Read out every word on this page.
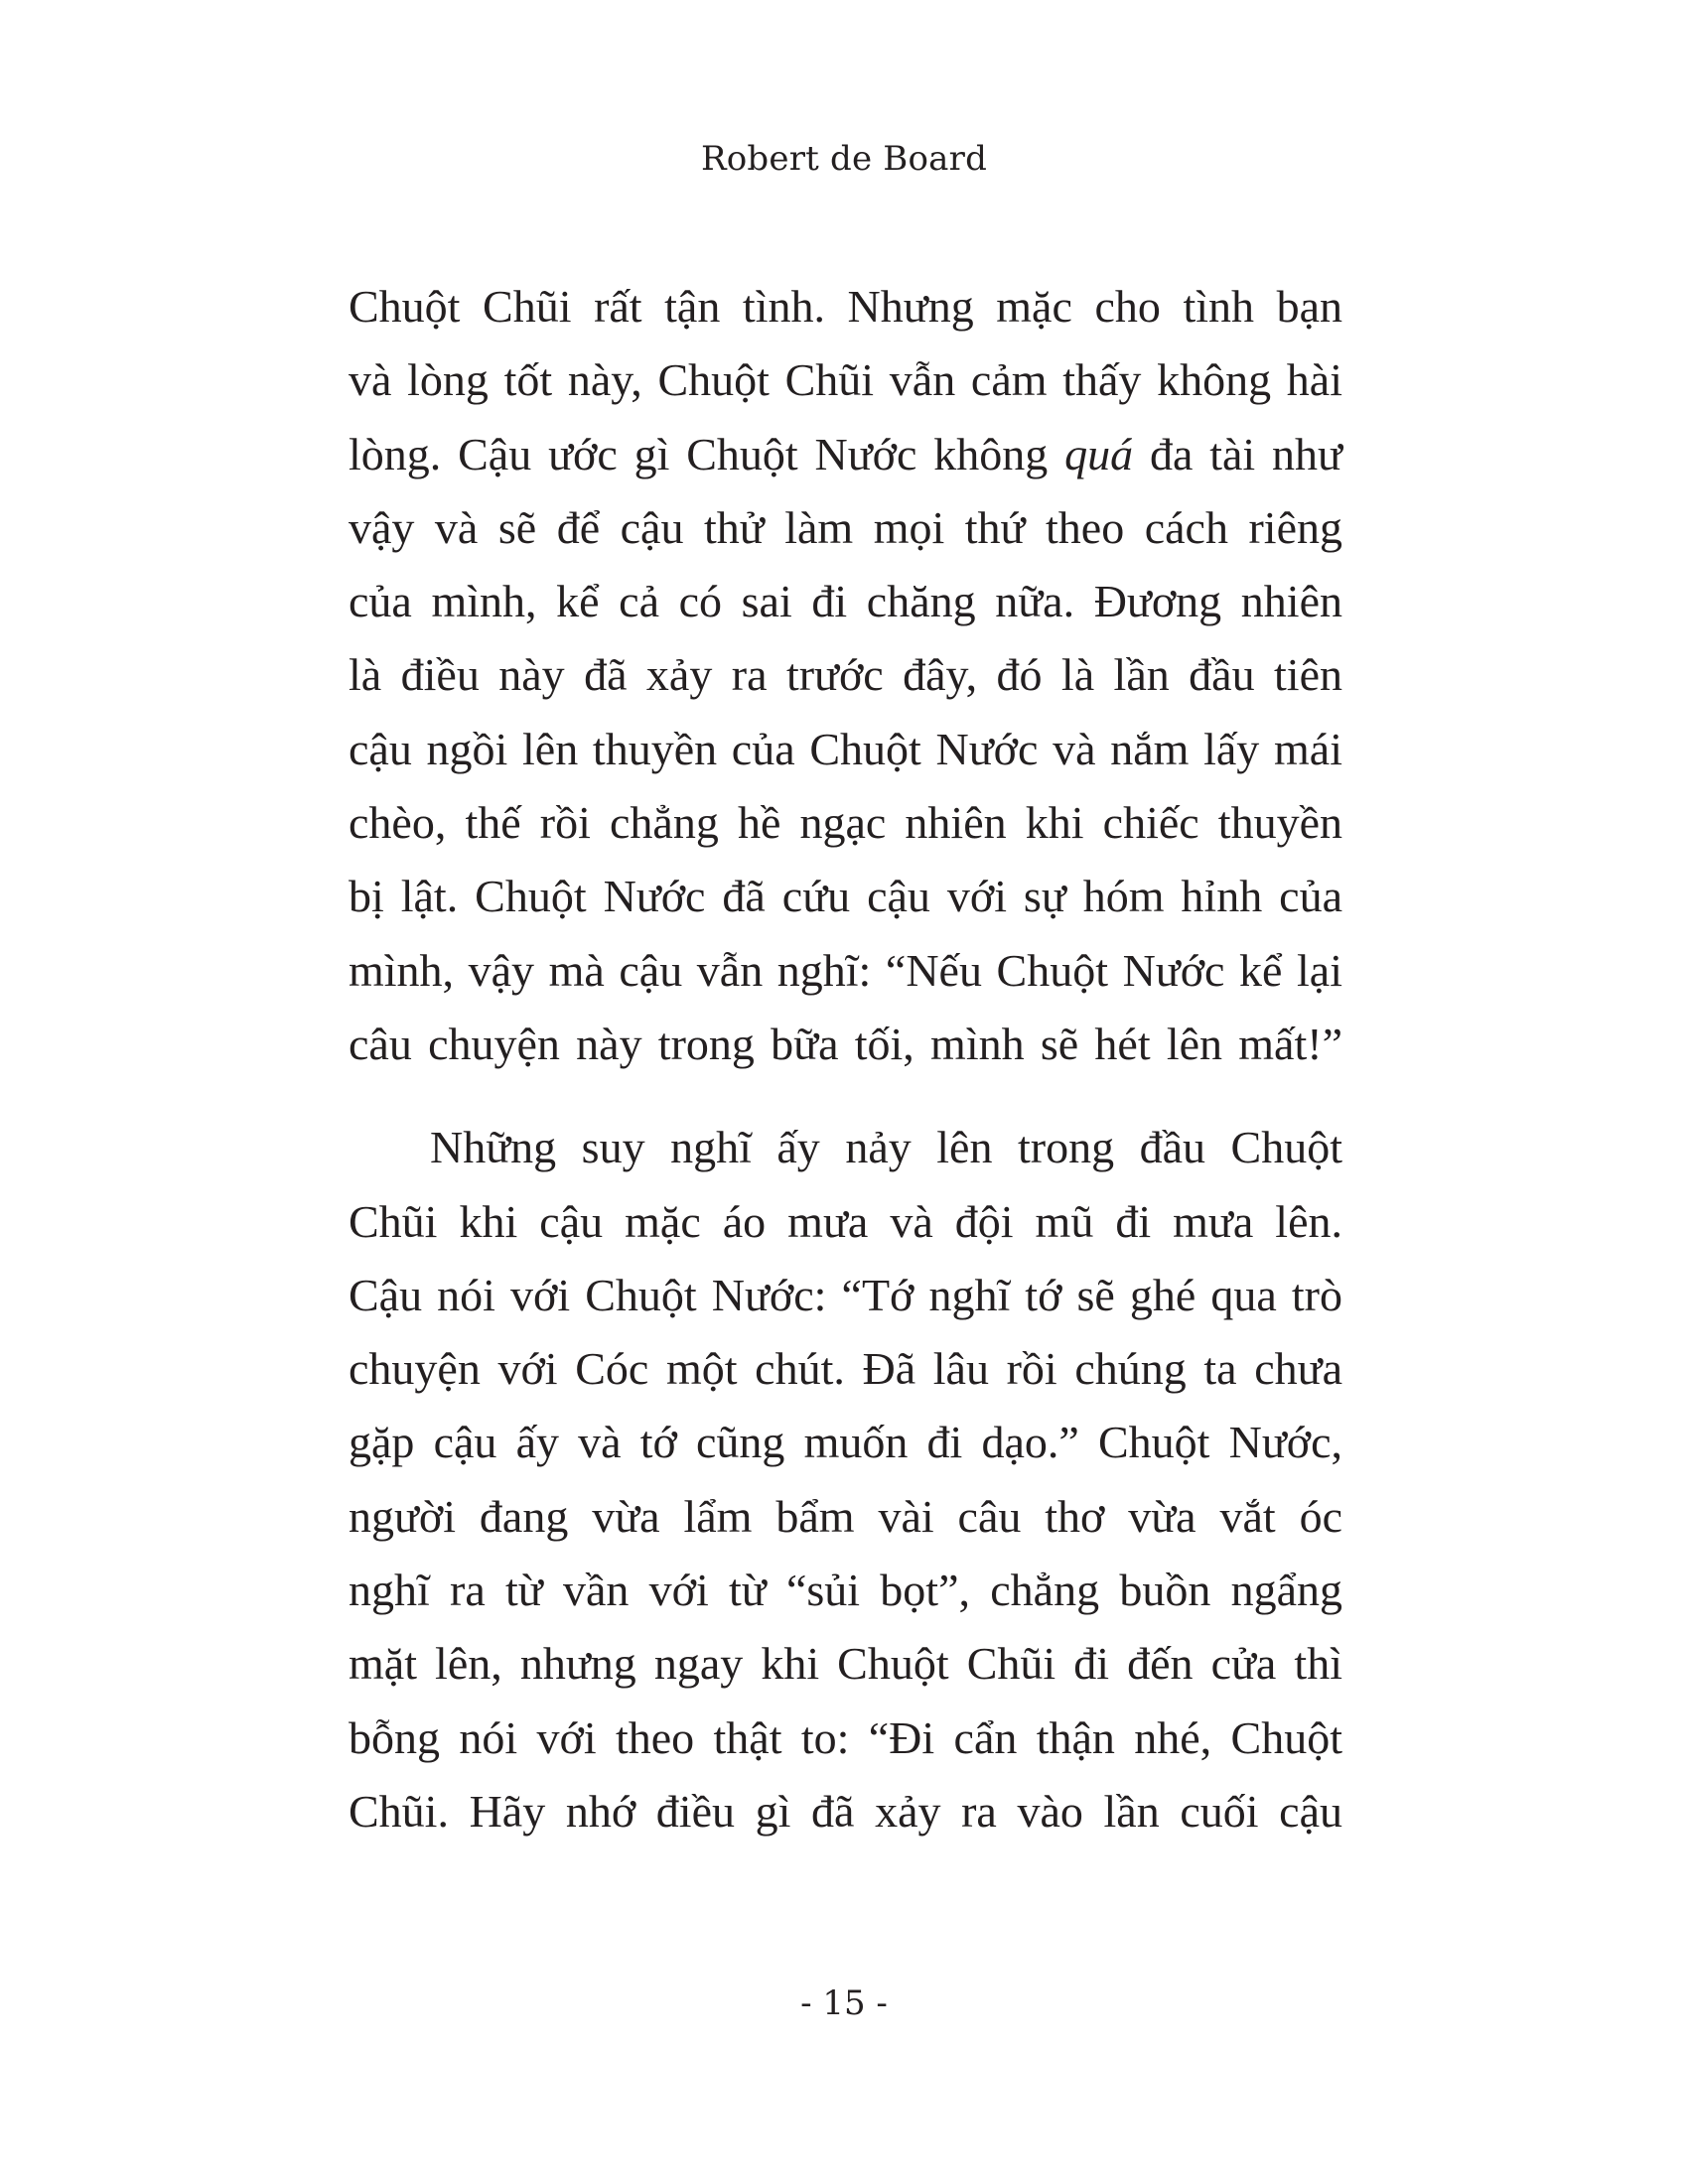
Robert de Board
Chuột Chũi rất tận tình. Nhưng mặc cho tình bạn
và lòng tốt này, Chuột Chũi vẫn cảm thấy không hài
lòng. Cậu ước gì Chuột Nước không quá đa tài như
vậy và sẽ để cậu thử làm mọi thứ theo cách riêng
của mình, kể cả có sai đi chăng nữa. Đương nhiên
là điều này đã xảy ra trước đây, đó là lần đầu tiên
cậu ngồi lên thuyền của Chuột Nước và nắm lấy mái
chèo, thế rồi chẳng hề ngạc nhiên khi chiếc thuyền
bị lật. Chuột Nước đã cứu cậu với sự hóm hỉnh của
mình, vậy mà cậu vẫn nghĩ: “Nếu Chuột Nước kể lại
câu chuyện này trong bữa tối, mình sẽ hét lên mất!”
Những suy nghĩ ấy nảy lên trong đầu Chuột
Chũi khi cậu mặc áo mưa và đội mũ đi mưa lên.
Cậu nói với Chuột Nước: “Tớ nghĩ tớ sẽ ghé qua trò
chuyện với Cóc một chút. Đã lâu rồi chúng ta chưa
gặp cậu ấy và tớ cũng muốn đi dạo.” Chuột Nước,
người đang vừa lẩm bẩm vài câu thơ vừa vắt óc
nghĩ ra từ vần với từ “sủi bọt”, chẳng buồn ngẩng
mặt lên, nhưng ngay khi Chuột Chũi đi đến cửa thì
bỗng nói với theo thật to: “Đi cẩn thận nhé, Chuột
Chũi. Hãy nhớ điều gì đã xảy ra vào lần cuối cậu
- 15 -
